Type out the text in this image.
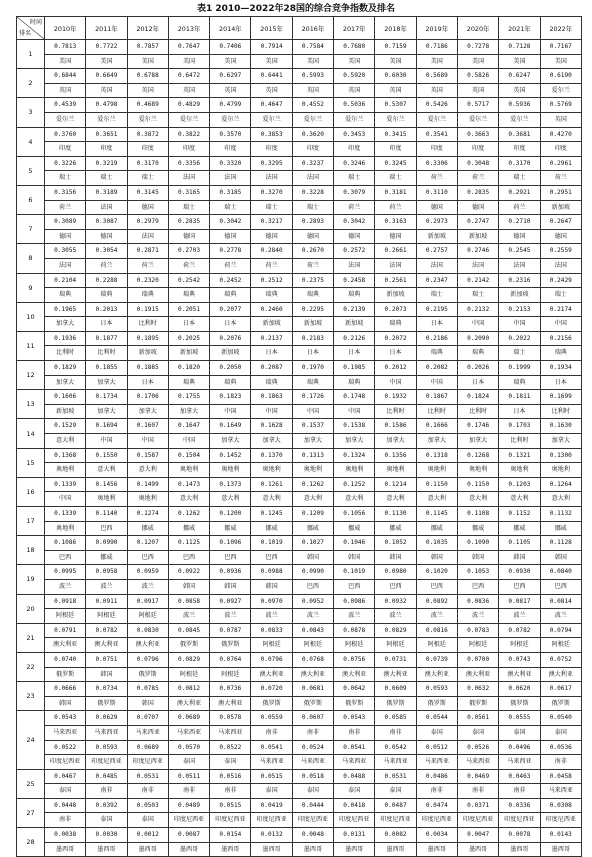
表1 2010—2022年28国的综合竞争指数及排名
时间
排名	2010年	2011年	2012年	2013年	2014年	2015年	2016年	2017年	2018年	2019年	2020年	2021年	2022年
1	0.7813	0.7722	0.7857	0.7647	0.7406	0.7914	0.7584	0.7680	0.7159	0.7186	0.7278	0.7128	0.7167
	美国	美国	美国	美国	美国	美国	美国	美国	美国	美国	美国	美国	美国
2	0.6844	0.6649	0.6788	0.6472	0.6297	0.6441	0.5993	0.5920	0.6030	0.5689	0.5826	0.6247	0.6190
	英国	英国	英国	英国	英国	英国	英国	英国	英国	英国	英国	英国	爱尔兰
3	0.4539	0.4798	0.4689	0.4829	0.4799	0.4647	0.4552	0.5036	0.5307	0.5426	0.5717	0.5936	0.5769
	爱尔兰	爱尔兰	爱尔兰	爱尔兰	爱尔兰	爱尔兰	爱尔兰	爱尔兰	爱尔兰	爱尔兰	爱尔兰	爱尔兰	英国
4	0.3760	0.3651	0.3872	0.3822	0.3570	0.3853	0.3620	0.3453	0.3415	0.3541	0.3663	0.3681	0.4270
	印度	印度	印度	印度	印度	印度	印度	印度	印度	印度	印度	印度	印度
5	0.3226	0.3219	0.3170	0.3356	0.3320	0.3295	0.3237	0.3246	0.3245	0.3306	0.3048	0.3170	0.2961
	瑞士	瑞士	瑞士	法国	法国	法国	法国	瑞士	瑞士	荷兰	荷兰	瑞士	荷兰
6	0.3156	0.3189	0.3145	0.3165	0.3185	0.3270	0.3228	0.3079	0.3181	0.3110	0.2835	0.2921	0.2951
	荷兰	法国	德国	瑞士	瑞士	瑞士	瑞士	荷兰	荷兰	德国	德国	荷兰	新加坡
7	0.3089	0.3087	0.2979	0.2835	0.3042	0.3217	0.2893	0.3042	0.3163	0.2973	0.2747	0.2710	0.2647
	德国	德国	法国	德国	德国	德国	德国	德国	德国	新加坡	新加坡	德国	德国
8	0.3055	0.3054	0.2871	0.2703	0.2778	0.2840	0.2670	0.2572	0.2661	0.2757	0.2746	0.2545	0.2559
	法国	荷兰	荷兰	荷兰	荷兰	荷兰	荷兰	法国	法国	法国	法国	法国	法国
9	0.2104	0.2288	0.2320	0.2542	0.2452	0.2512	0.2375	0.2458	0.2561	0.2347	0.2142	0.2316	0.2429
	瑞典	瑞典	瑞典	瑞典	瑞典	瑞典	瑞典	瑞典	新加坡	瑞士	瑞士	新加坡	瑞士
10	0.1965	0.2013	0.1915	0.2051	0.2077	0.2460	0.2295	0.2139	0.2073	0.2195	0.2132	0.2153	0.2174
	加拿大	日本	比利时	日本	日本	新加坡	新加坡	新加坡	瑞典	日本	中国	中国	中国
11	0.1936	0.1877	0.1895	0.2025	0.2076	0.2137	0.2183	0.2126	0.2072	0.2186	0.2090	0.2022	0.2156
	比利时	比利时	新加坡	新加坡	新加坡	日本	日本	日本	日本	瑞典	瑞典	瑞士	瑞典
12	0.1829	0.1855	0.1885	0.1820	0.2050	0.2087	0.1970	0.1985	0.2012	0.2082	0.2026	0.1999	0.1934
	加拿大	加拿大	日本	瑞典	瑞典	瑞典	瑞典	瑞典	中国	中国	日本	瑞典	日本
13	0.1606	0.1734	0.1706	0.1755	0.1823	0.1863	0.1726	0.1748	0.1932	0.1867	0.1824	0.1811	0.1699
	新加坡	加拿大	加拿大	加拿大	中国	中国	中国	中国	比利时	比利时	比利时	日本	比利时
14	0.1529	0.1694	0.1607	0.1647	0.1649	0.1628	0.1537	0.1538	0.1586	0.1666	0.1746	0.1703	0.1630
	意大利	中国	中国	中国	加拿大	加拿大	加拿大	加拿大	加拿大	加拿大	加拿大	比利时	加拿大
15	0.1368	0.1550	0.1587	0.1504	0.1452	0.1370	0.1313	0.1324	0.1356	0.1318	0.1268	0.1321	0.1300
	奥地利	意大利	意大利	奥地利	奥地利	奥地利	奥地利	奥地利	奥地利	奥地利	奥地利	奥地利	奥地利
16	0.1339	0.1456	0.1499	0.1473	0.1373	0.1261	0.1262	0.1252	0.1214	0.1150	0.1150	0.1203	0.1264
	中国	奥地利	奥地利	意大利	意大利	意大利	意大利	意大利	意大利	意大利	意大利	意大利	意大利
17	0.1339	0.1140	0.1274	0.1262	0.1200	0.1245	0.1209	0.1056	0.1130	0.1145	0.1108	0.1152	0.1132
	奥地利	巴西	挪威	挪威	挪威	挪威	挪威	挪威	挪威	挪威	挪威	挪威	挪威
18	0.1086	0.0990	0.1207	0.1125	0.1096	0.1019	0.1027	0.1046	0.1052	0.1035	0.1090	0.1105	0.1128
	巴西	挪威	巴西	巴西	巴西	巴西	韩国	韩国	韩国	韩国	韩国	韩国	韩国
19	0.0995	0.0958	0.0959	0.0922	0.0936	0.0988	0.0990	0.1019	0.0980	0.1020	0.1053	0.0930	0.0840
	波兰	波兰	波兰	韩国	韩国	韩国	巴西	巴西	巴西	巴西	巴西	巴西	巴西
20	0.0918	0.0911	0.0917	0.0858	0.0927	0.0970	0.0952	0.0986	0.0932	0.0892	0.0836	0.0817	0.0814
	阿根廷	阿根廷	阿根廷	波兰	波兰	波兰	波兰	波兰	波兰	波兰	波兰	波兰	波兰
21	0.0791	0.0782	0.0830	0.0845	0.0787	0.0833	0.0843	0.0878	0.0829	0.0816	0.0783	0.0782	0.0794
	澳大利亚	澳大利亚	澳大利亚	俄罗斯	俄罗斯	阿根廷	阿根廷	阿根廷	阿根廷	阿根廷	阿根廷	阿根廷	阿根廷
22	0.0740	0.0751	0.0796	0.0829	0.0764	0.0796	0.0768	0.0756	0.0731	0.0739	0.0700	0.0743	0.0752
	俄罗斯	韩国	俄罗斯	阿根廷	阿根廷	澳大利亚	澳大利亚	澳大利亚	澳大利亚	澳大利亚	澳大利亚	澳大利亚	澳大利亚
23	0.0666	0.0734	0.0785	0.0812	0.0736	0.0720	0.0681	0.0642	0.0609	0.0593	0.0632	0.0620	0.0617
	韩国	俄罗斯	韩国	澳大利亚	澳大利亚	俄罗斯	俄罗斯	俄罗斯	俄罗斯	俄罗斯	俄罗斯	俄罗斯	俄罗斯
24	0.0543	0.0629	0.0707	0.0689	0.0578	0.0559	0.0607	0.0543	0.0585	0.0544	0.0561	0.0555	0.0540
	马来西亚	马来西亚	马来西亚	马来西亚	马来西亚	南非	南非	南非	南非	泰国	泰国	泰国	泰国
	0.0522	0.0593	0.0689	0.0570	0.0522	0.0541	0.0524	0.0541	0.0542	0.0512	0.0526	0.0496	0.0536
	印度尼西亚	印度尼西亚	印度尼西亚	泰国	泰国	马来西亚	马来西亚	马来西亚	马来西亚	马来西亚	马来西亚	马来西亚	南非
25	0.0467	0.0485	0.0531	0.0511	0.0516	0.0515	0.0518	0.0488	0.0531	0.0486	0.0469	0.0463	0.0458
	泰国	南非	南非	南非	南非	泰国	泰国	泰国	泰国	南非	南非	南非	马来西亚
27	0.0448	0.0392	0.0503	0.0489	0.0515	0.0419	0.0444	0.0418	0.0487	0.0474	0.0371	0.0336	0.0308
	南非	泰国	泰国	印度尼西亚	印度尼西亚	印度尼西亚	印度尼西亚	印度尼西亚	印度尼西亚	印度尼西亚	印度尼西亚	印度尼西亚	印度尼西亚
28	0.0038	0.0030	0.0012	0.0087	0.0154	0.0132	0.0048	0.0131	0.0082	0.0034	0.0047	0.0078	0.0143
	墨西哥	墨西哥	墨西哥	墨西哥	墨西哥	墨西哥	墨西哥	墨西哥	墨西哥	墨西哥	墨西哥	墨西哥	墨西哥
